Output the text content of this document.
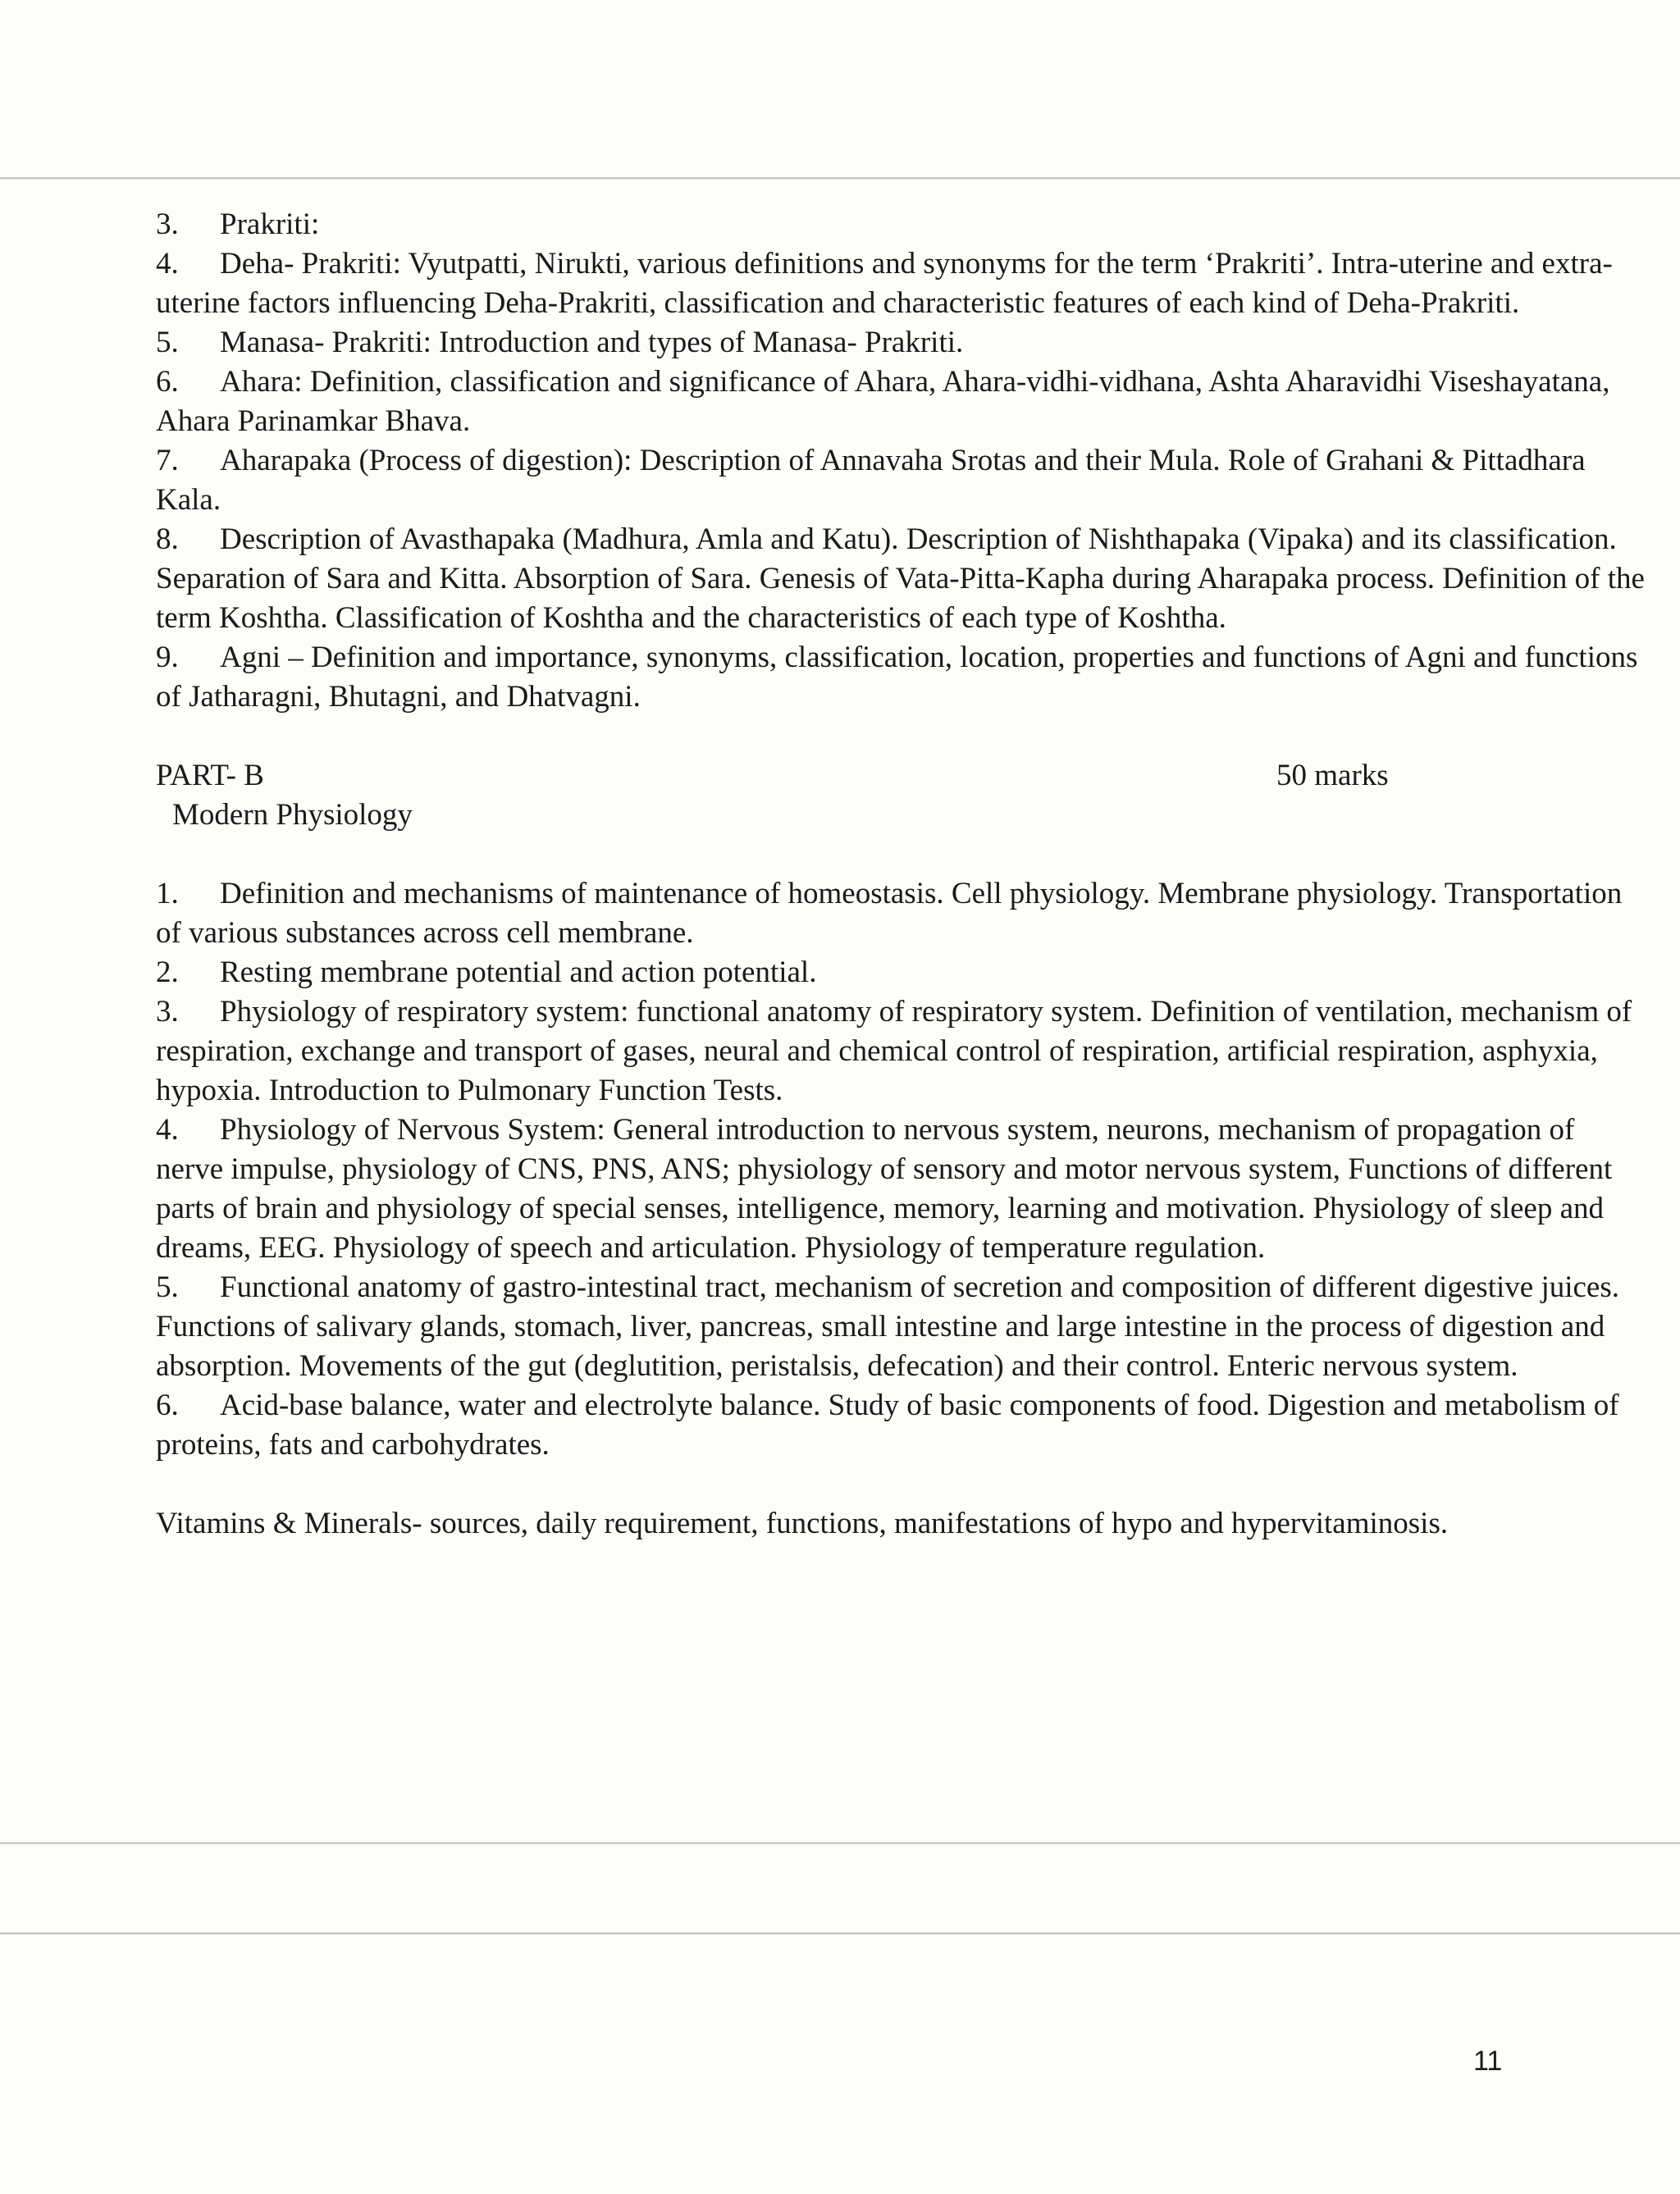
3. Prakriti:

4. Deha- Prakriti: Vyutpatti, Nirukti, various definitions and synonyms for the term ‘Prakriti’. Intra-uterine and extra-uterine factors influencing Deha-Prakriti, classification and characteristic features of each kind of Deha-Prakriti.

5. Manasa- Prakriti: Introduction and types of Manasa- Prakriti.

6. Ahara: Definition, classification and significance of Ahara, Ahara-vidhi-vidhana, Ashta Aharavidhi Viseshayatana, Ahara Parinamkar Bhava.

7. Aharapaka (Process of digestion): Description of Annavaha Srotas and their Mula. Role of Grahani & Pittadhara Kala.

8. Description of Avasthapaka (Madhura, Amla and Katu). Description of Nishthapaka (Vipaka) and its classification. Separation of Sara and Kitta. Absorption of Sara. Genesis of Vata-Pitta-Kapha during Aharapaka process. Definition of the term Koshtha. Classification of Koshtha and the characteristics of each type of Koshtha.

9. Agni – Definition and importance, synonyms, classification, location, properties and functions of Agni and functions of Jatharagni, Bhutagni, and Dhatvagni.

PART- B	50 marks
Modern Physiology

1. Definition and mechanisms of maintenance of homeostasis. Cell physiology. Membrane physiology. Transportation of various substances across cell membrane.

2. Resting membrane potential and action potential.

3. Physiology of respiratory system: functional anatomy of respiratory system. Definition of ventilation, mechanism of respiration, exchange and transport of gases, neural and chemical control of respiration, artificial respiration, asphyxia, hypoxia. Introduction to Pulmonary Function Tests.

4. Physiology of Nervous System: General introduction to nervous system, neurons, mechanism of propagation of nerve impulse, physiology of CNS, PNS, ANS; physiology of sensory and motor nervous system, Functions of different parts of brain and physiology of special senses, intelligence, memory, learning and motivation. Physiology of sleep and dreams, EEG. Physiology of speech and articulation. Physiology of temperature regulation.

5. Functional anatomy of gastro-intestinal tract, mechanism of secretion and composition of different digestive juices. Functions of salivary glands, stomach, liver, pancreas, small intestine and large intestine in the process of digestion and absorption. Movements of the gut (deglutition, peristalsis, defecation) and their control. Enteric nervous system.

6. Acid-base balance, water and electrolyte balance. Study of basic components of food. Digestion and metabolism of proteins, fats and carbohydrates.

Vitamins & Minerals- sources, daily requirement, functions, manifestations of hypo and hypervitaminosis.

11
